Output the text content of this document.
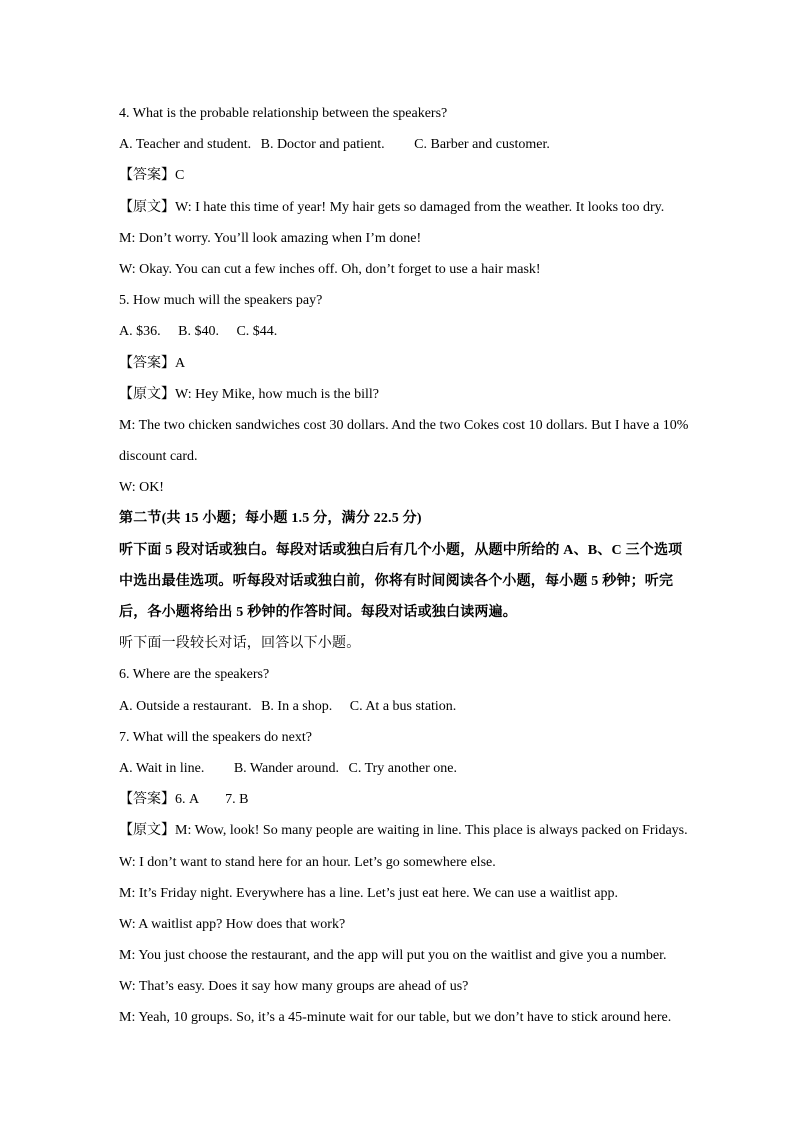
4. What is the probable relationship between the speakers?
A. Teacher and student. B. Doctor and patient. C. Barber and customer.
【答案】C
【原文】W: I hate this time of year! My hair gets so damaged from the weather. It looks too dry.
M: Don’t worry. You’ll look amazing when I’m done!
W: Okay. You can cut a few inches off. Oh, don’t forget to use a hair mask!
5. How much will the speakers pay?
A. $36. B. $40. C. $44.
【答案】A
【原文】W: Hey Mike, how much is the bill?
M: The two chicken sandwiches cost 30 dollars. And the two Cokes cost 10 dollars. But I have a 10%
discount card.
W: OK!
第二节(共 15 小题；每小题 1.5 分，满分 22.5 分)
听下面 5 段对话或独白。每段对话或独白后有几个小题，从题中所给的 A、B、C 三个选项
中选出最佳选项。听每段对话或独白前，你将有时间阅读各个小题，每小题 5 秒钟；听完
后，各小题将给出 5 秒钟的作答时间。每段对话或独白读两遍。
听下面一段较长对话，回答以下小题。
6. Where are the speakers?
A. Outside a restaurant. B. In a shop. C. At a bus station.
7. What will the speakers do next?
A. Wait in line. B. Wander around. C. Try another one.
【答案】6. A 7. B
【原文】M: Wow, look! So many people are waiting in line. This place is always packed on Fridays.
W: I don’t want to stand here for an hour. Let’s go somewhere else.
M: It’s Friday night. Everywhere has a line. Let’s just eat here. We can use a waitlist app.
W: A waitlist app? How does that work?
M: You just choose the restaurant, and the app will put you on the waitlist and give you a number.
W: That’s easy. Does it say how many groups are ahead of us?
M: Yeah, 10 groups. So, it’s a 45-minute wait for our table, but we don’t have to stick around here.
